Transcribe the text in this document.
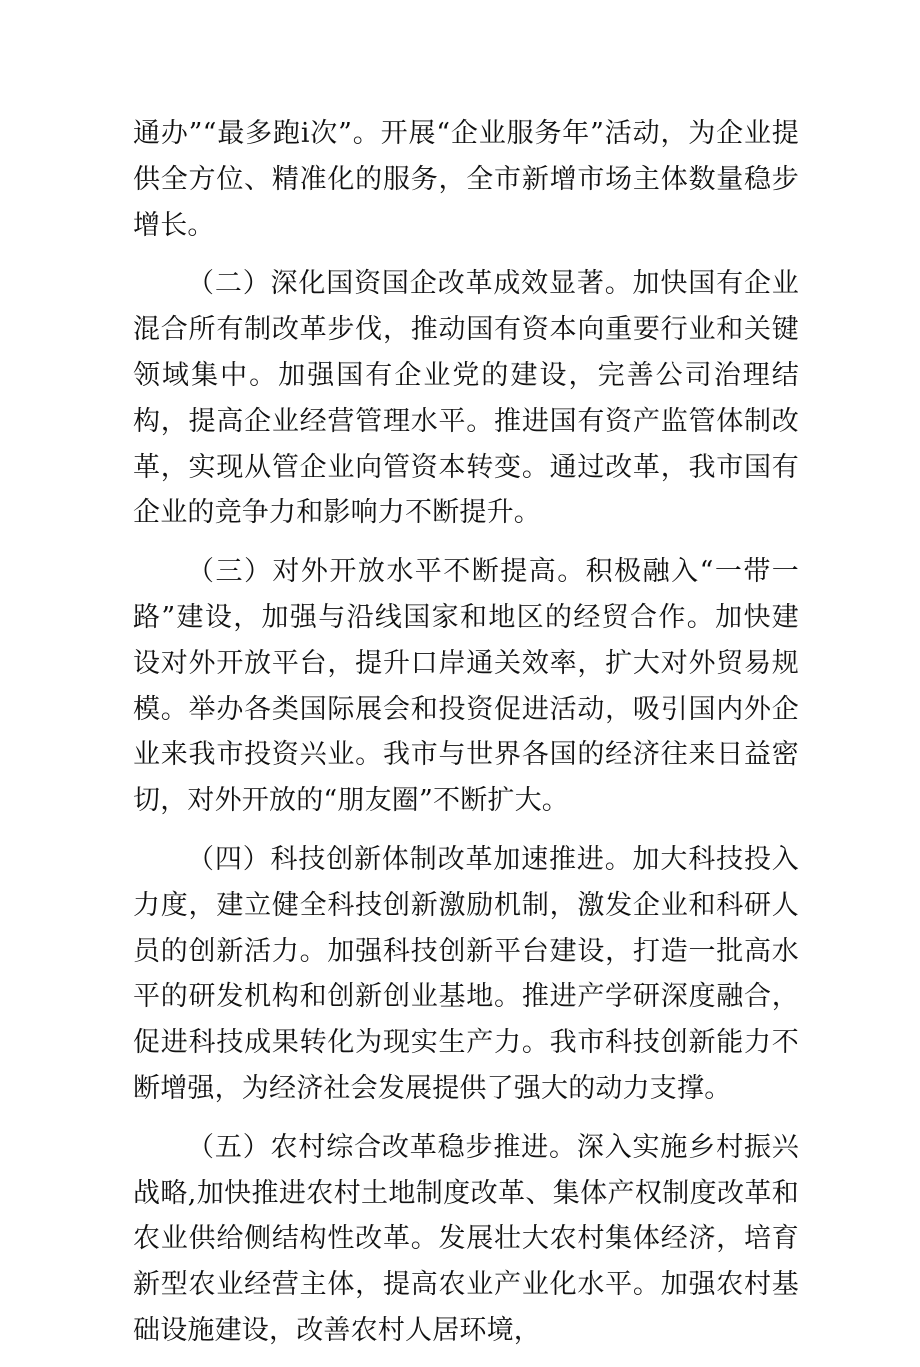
通办”“最多跑i次”。开展“企业服务年”活动，为企业提供全方位、精准化的服务，全市新增市场主体数量稳步增长。

（二）深化国资国企改革成效显著。加快国有企业混合所有制改革步伐，推动国有资本向重要行业和关键领域集中。加强国有企业党的建设，完善公司治理结构，提高企业经营管理水平。推进国有资产监管体制改革，实现从管企业向管资本转变。通过改革，我市国有企业的竞争力和影响力不断提升。

（三）对外开放水平不断提高。积极融入“一带一路”建设，加强与沿线国家和地区的经贸合作。加快建设对外开放平台，提升口岸通关效率，扩大对外贸易规模。举办各类国际展会和投资促进活动，吸引国内外企业来我市投资兴业。我市与世界各国的经济往来日益密切，对外开放的“朋友圈”不断扩大。

（四）科技创新体制改革加速推进。加大科技投入力度，建立健全科技创新激励机制，激发企业和科研人员的创新活力。加强科技创新平台建设，打造一批高水平的研发机构和创新创业基地。推进产学研深度融合，促进科技成果转化为现实生产力。我市科技创新能力不断增强，为经济社会发展提供了强大的动力支撑。

（五）农村综合改革稳步推进。深入实施乡村振兴战略,加快推进农村土地制度改革、集体产权制度改革和农业供给侧结构性改革。发展壮大农村集体经济，培育新型农业经营主体，提高农业产业化水平。加强农村基础设施建设，改善农村人居环境，
